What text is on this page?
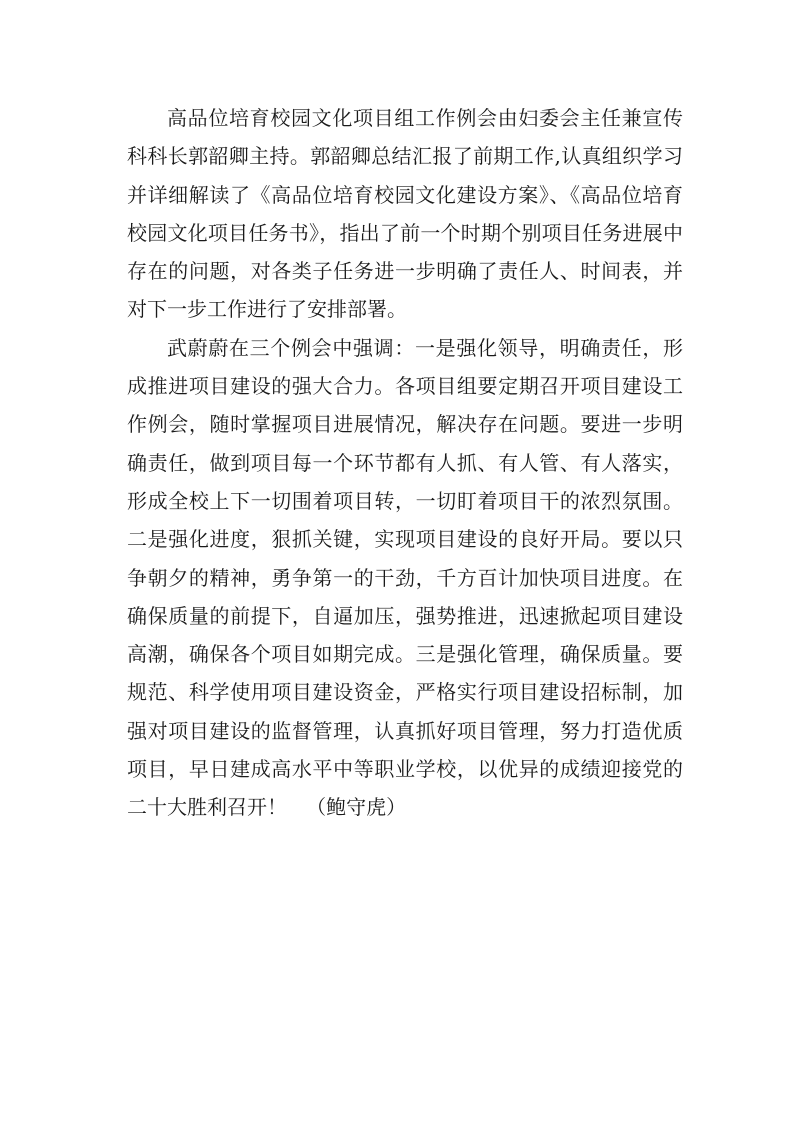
高品位培育校园文化项目组工作例会由妇委会主任兼宣传科科长郭韶卿主持。郭韶卿总结汇报了前期工作,认真组织学习并详细解读了《高品位培育校园文化建设方案》、《高品位培育校园文化项目任务书》，指出了前一个时期个别项目任务进展中存在的问题，对各类子任务进一步明确了责任人、时间表，并对下一步工作进行了安排部署。

武蔚蔚在三个例会中强调：一是强化领导，明确责任，形成推进项目建设的强大合力。各项目组要定期召开项目建设工作例会，随时掌握项目进展情况，解决存在问题。要进一步明确责任，做到项目每一个环节都有人抓、有人管、有人落实，形成全校上下一切围着项目转，一切盯着项目干的浓烈氛围。二是强化进度，狠抓关键，实现项目建设的良好开局。要以只争朝夕的精神，勇争第一的干劲，千方百计加快项目进度。在确保质量的前提下，自逼加压，强势推进，迅速掀起项目建设高潮，确保各个项目如期完成。三是强化管理，确保质量。要规范、科学使用项目建设资金，严格实行项目建设招标制，加强对项目建设的监督管理，认真抓好项目管理，努力打造优质项目，早日建成高水平中等职业学校，以优异的成绩迎接党的二十大胜利召开！ （鲍守虎）
